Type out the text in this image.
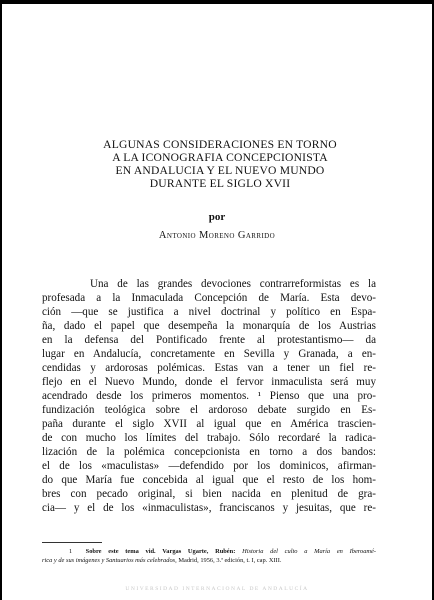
ALGUNAS CONSIDERACIONES EN TORNO
A LA ICONOGRAFIA CONCEPCIONISTA
EN ANDALUCIA Y EL NUEVO MUNDO
DURANTE EL SIGLO XVII
por
Antonio Moreno Garrido
Una de las grandes devociones contrarreformistas es la
profesada a la Inmaculada Concepción de María. Esta devo-
ción —que se justifica a nivel doctrinal y político en Espa-
ña, dado el papel que desempeña la monarquía de los Austrias
en la defensa del Pontificado frente al protestantismo— da
lugar en Andalucía, concretamente en Sevilla y Granada, a en-
cendidas y ardorosas polémicas. Estas van a tener un fiel re-
flejo en el Nuevo Mundo, donde el fervor inmaculista será muy
acendrado desde los primeros momentos. ¹ Pienso que una pro-
fundización teológica sobre el ardoroso debate surgido en Es-
paña durante el siglo XVII al igual que en América trascien-
de con mucho los límites del trabajo. Sólo recordaré la radica-
lización de la polémica concepcionista en torno a dos bandos:
el de los «maculistas» —defendido por los dominicos, afirman-
do que María fue concebida al igual que el resto de los hom-
bres con pecado original, si bien nacida en plenitud de gra-
cia— y el de los «inmaculistas», franciscanos y jesuitas, que re-
1 Sobre este tema vid. Vargas Ugarte, Rubén: Historia del culto a María en Iberoamé-
rica y de sus imágenes y Santuarios más celebrados, Madrid, 1956, 3.ª edición, t. I, cap. XIII.
UNIVERSIDAD INTERNACIONAL DE ANDALUCÍA
